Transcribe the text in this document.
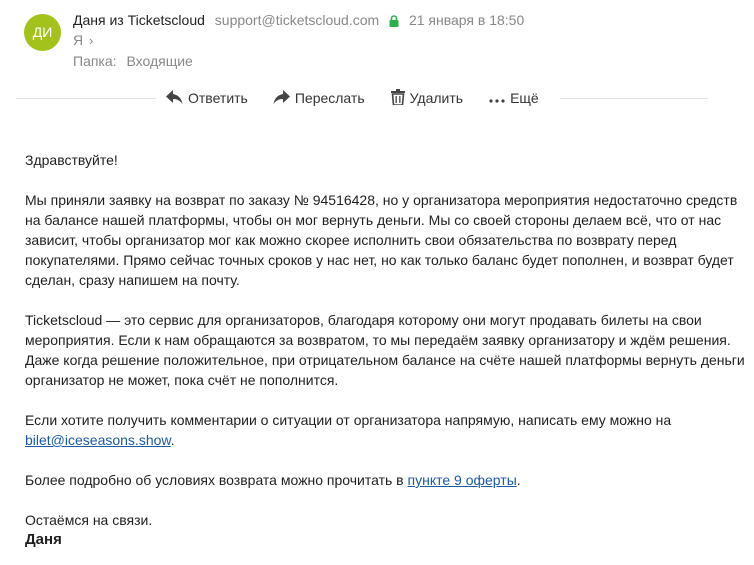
ДИ
Даня из Ticketscloud support@ticketscloud.com 21 января в 18:50
Я ›
Папка: Входящие
Ответить	Переслать	Удалить	Ещё

Здравствуйте!

Мы приняли заявку на возврат по заказу № 94516428, но у организатора мероприятия недостаточно средств на балансе нашей платформы, чтобы он мог вернуть деньги. Мы со своей стороны делаем всё, что от нас зависит, чтобы организатор мог как можно скорее исполнить свои обязательства по возврату перед покупателями. Прямо сейчас точных сроков у нас нет, но как только баланс будет пополнен, и возврат будет сделан, сразу напишем на почту.

Ticketscloud — это сервис для организаторов, благодаря которому они могут продавать билеты на свои мероприятия. Если к нам обращаются за возвратом, то мы передаём заявку организатору и ждём решения. Даже когда решение положительное, при отрицательном балансе на счёте нашей платформы вернуть деньги организатор не может, пока счёт не пополнится.

Если хотите получить комментарии о ситуации от организатора напрямую, написать ему можно на
bilet@iceseasons.show.

Более подробно об условиях возврата можно прочитать в пункте 9 оферты.

Остаёмся на связи.

Даня
